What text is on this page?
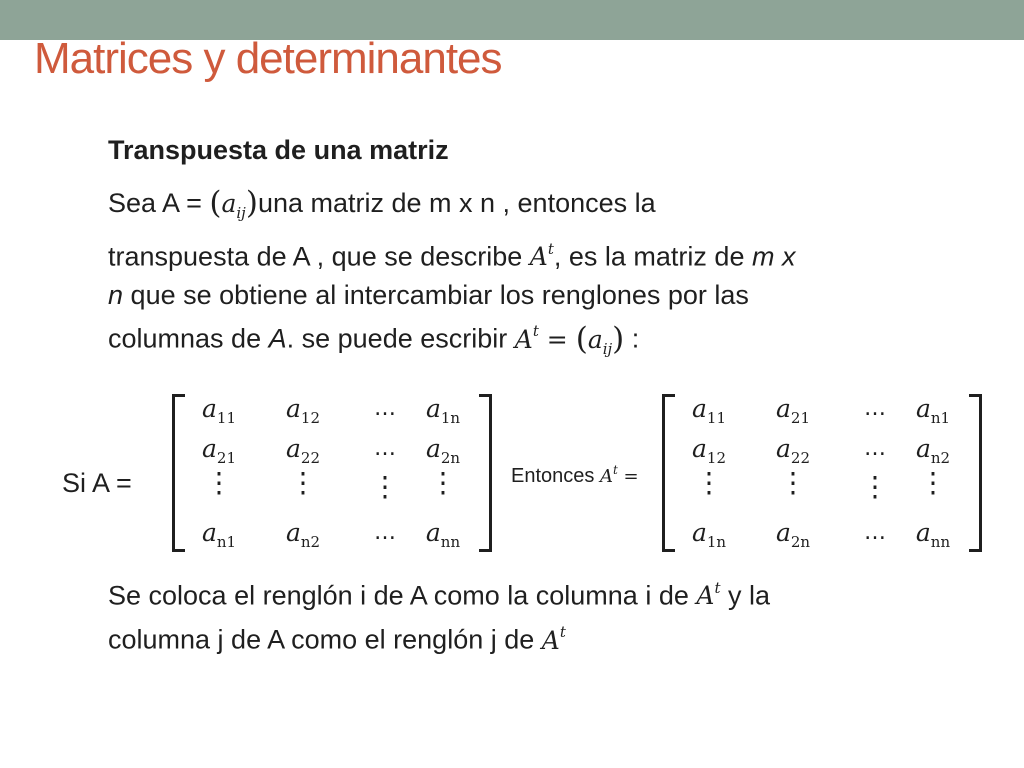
Matrices y determinantes
Transpuesta de una matriz
Sea $A = (a_{ij})una$ matriz de m x n , entonces la
transpuesta de A , que se describe $A^t$, es la matriz de m x
n que se obtiene al intercambiar los renglones por las
columnas de A. se puede escribir $A^t = (a_{ij})$ :
Si A =
$a_{11}$	$a_{12}$	…	$a_{1n}$
$a_{21}$	$a_{22}$	…	$a_{2n}$
⋮	⋮	⋮	⋮
$a_{n1}$	$a_{n2}$	…	$a_{nn}$
Entonces $A^t$ =
$a_{11}$	$a_{21}$	…	$a_{n1}$
$a_{12}$	$a_{22}$	…	$a_{n2}$
⋮	⋮	⋮	⋮
$a_{1n}$	$a_{2n}$	…	$a_{nn}$
Se coloca el renglón i de A como la columna i de $A^t$ y la
columna j de A como el renglón j de $A^t$
